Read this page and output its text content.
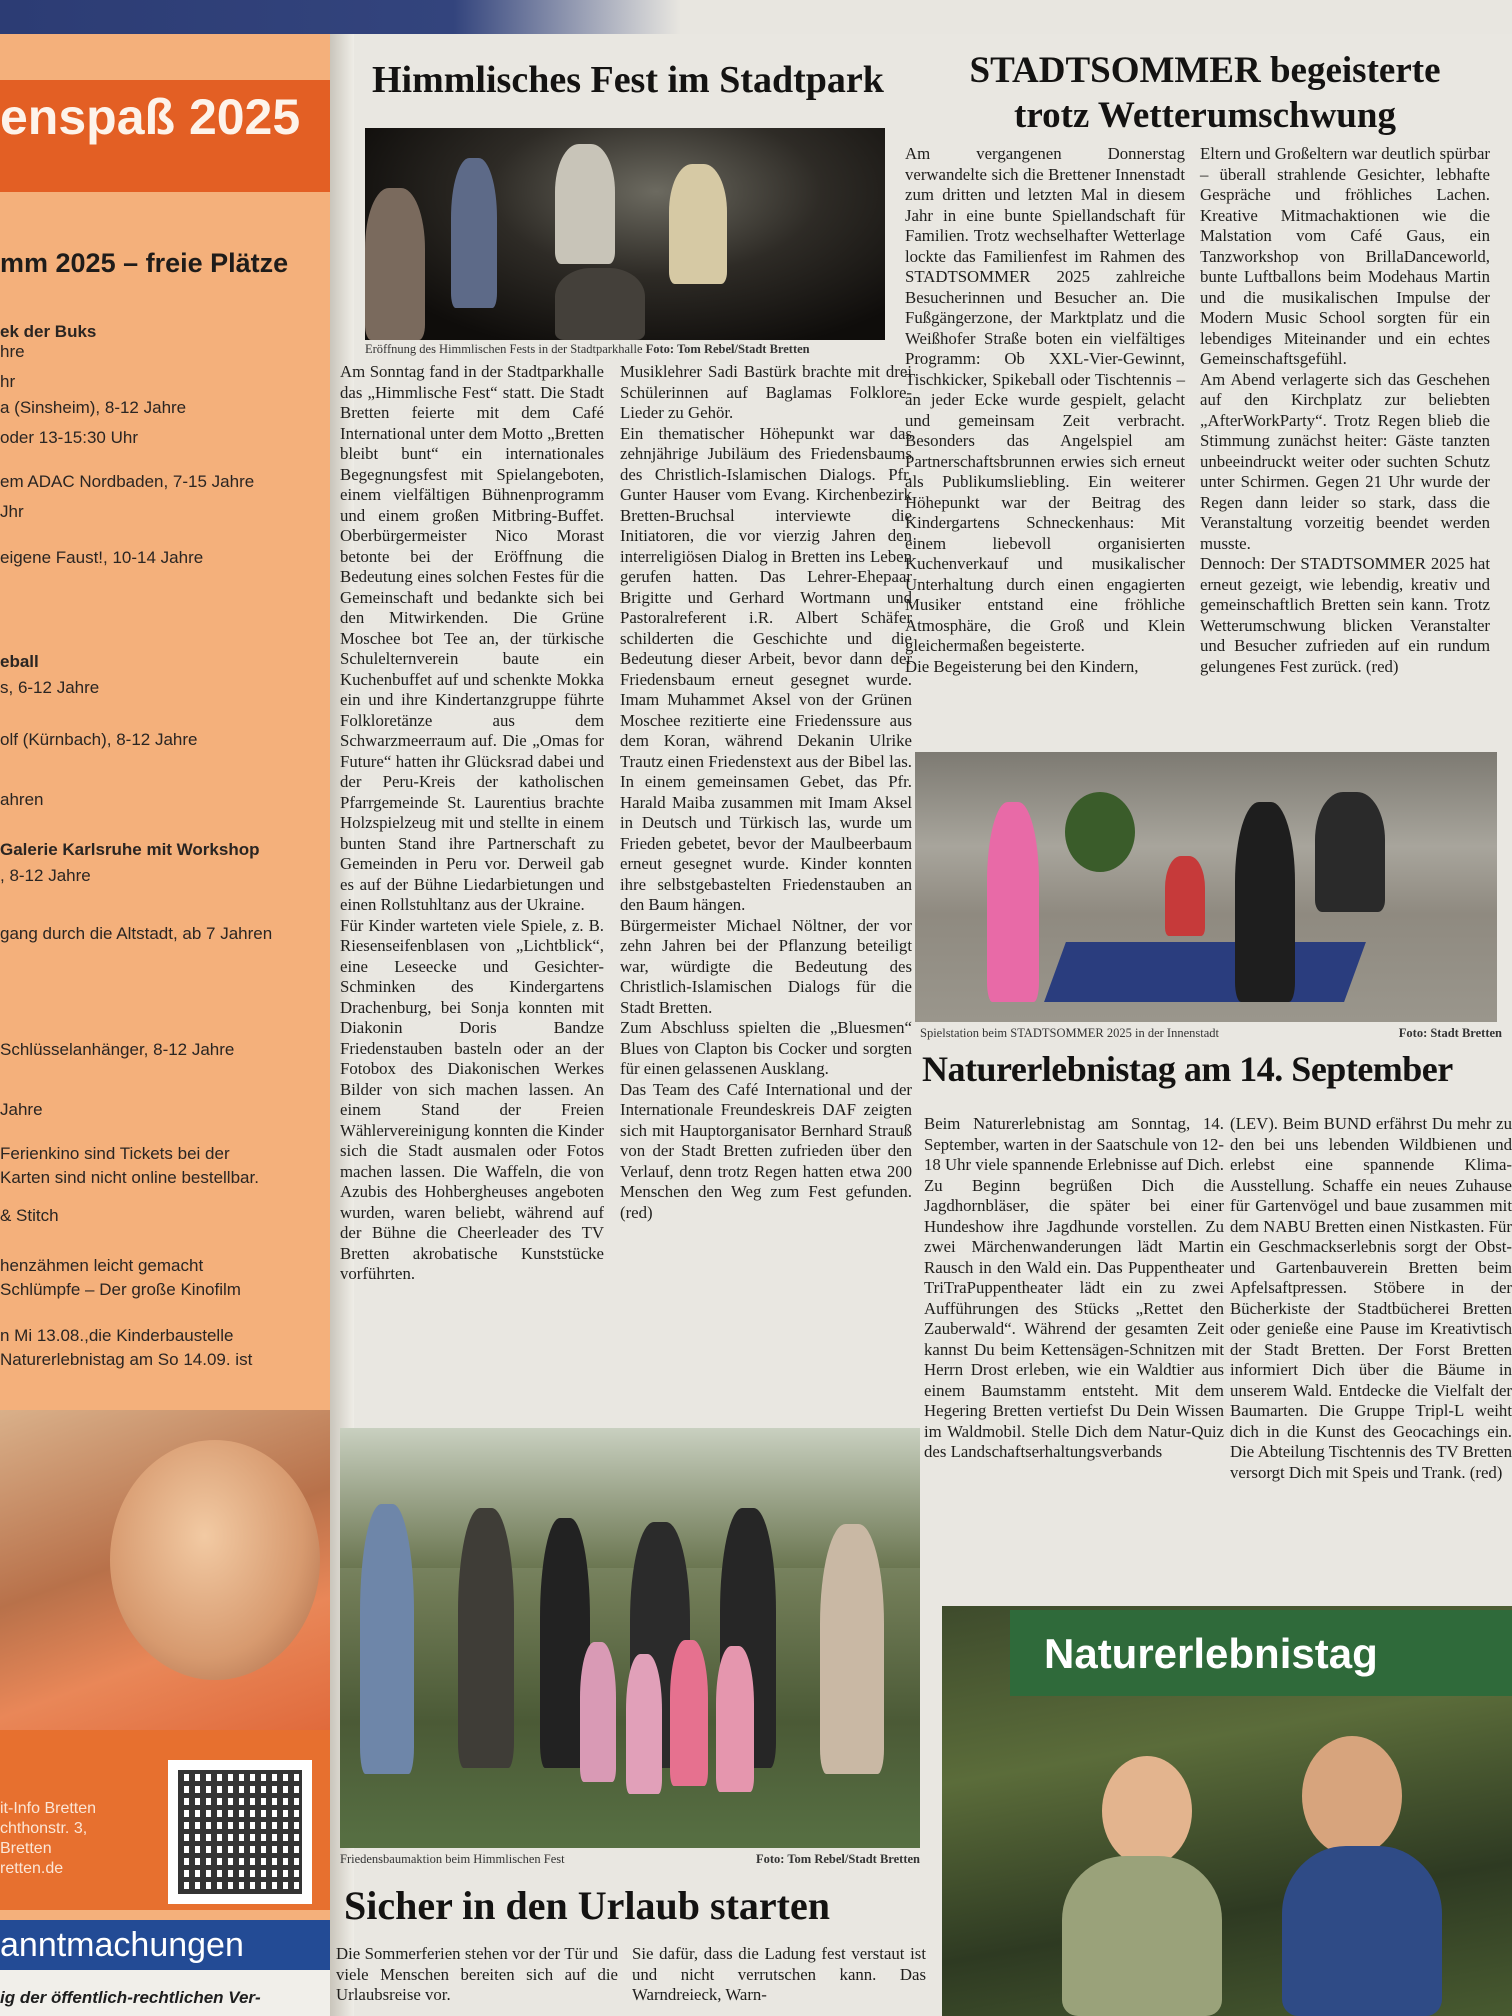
enspaß 2025
mm 2025 – freie Plätze
ek der Buks
hre
hr
a (Sinsheim), 8-12 Jahre
oder 13-15:30 Uhr
em ADAC Nordbaden, 7-15 Jahre
Jhr
eigene Faust!, 10-14 Jahre
eball
s, 6-12 Jahre
olf (Kürnbach), 8-12 Jahre
ahren
Galerie Karlsruhe mit Workshop
, 8-12 Jahre
gang durch die Altstadt, ab 7 Jahren
Schlüsselanhänger, 8-12 Jahre
Jahre
Ferienkino sind Tickets bei der
Karten sind nicht online bestellbar.
& Stitch
henzähmen leicht gemacht
Schlümpfe – Der große Kinofilm
n Mi 13.08.,die Kinderbaustelle
Naturerlebnistag am So 14.09. ist
it-Info Bretten
chthonstr. 3,
Bretten
retten.de
anntmachungen
ig der öffentlich-rechtlichen Ver-
Himmlisches Fest im Stadtpark
Eröffnung des Himmlischen Fests in der Stadtparkhalle Foto: Tom Rebel/Stadt Bretten

Am Sonntag fand in der Stadtparkhalle das „Himmlische Fest“ statt. Die Stadt Bretten feierte mit dem Café International unter dem Motto „Bretten bleibt bunt“ ein internationales Begegnungsfest mit Spielangeboten, einem vielfältigen Bühnenprogramm und einem großen Mitbring-Buffet. Oberbürgermeister Nico Morast betonte bei der Eröffnung die Bedeutung eines solchen Festes für die Gemeinschaft und bedankte sich bei den Mitwirkenden. Die Grüne Moschee bot Tee an, der türkische Schulelternverein baute ein Kuchenbuffet auf und schenkte Mokka ein und ihre Kindertanzgruppe führte Folkloretänze aus dem Schwarzmeerraum auf. Die „Omas for Future“ hatten ihr Glücksrad dabei und der Peru-Kreis der katholischen Pfarrgemeinde St. Laurentius brachte Holzspielzeug mit und stellte in einem bunten Stand ihre Partnerschaft zu Gemeinden in Peru vor. Derweil gab es auf der Bühne Liedarbietungen und einen Rollstuhltanz aus der Ukraine.
Für Kinder warteten viele Spiele, z. B. Riesenseifenblasen von „Lichtblick“, eine Leseecke und Gesichter-Schminken des Kindergartens Drachenburg, bei Sonja konnten mit Diakonin Doris Bandze Friedenstauben basteln oder an der Fotobox des Diakonischen Werkes Bilder von sich machen lassen. An einem Stand der Freien Wählervereinigung konnten die Kinder sich die Stadt ausmalen oder Fotos machen lassen. Die Waffeln, die von Azubis des Hohbergheuses angeboten wurden, waren beliebt, während auf der Bühne die Cheerleader des TV Bretten akrobatische Kunststücke vorführten.

Musiklehrer Sadi Bastürk brachte mit drei Schülerinnen auf Baglamas Folklore-Lieder zu Gehör.
Ein thematischer Höhepunkt war das zehnjährige Jubiläum des Friedensbaums des Christlich-Islamischen Dialogs. Pfr. Gunter Hauser vom Evang. Kirchenbezirk Bretten-Bruchsal interviewte die Initiatoren, die vor vierzig Jahren den interreligiösen Dialog in Bretten ins Leben gerufen hatten. Das Lehrer-Ehepaar Brigitte und Gerhard Wortmann und Pastoralreferent i.R. Albert Schäfer schilderten die Geschichte und die Bedeutung dieser Arbeit, bevor dann der Friedensbaum erneut gesegnet wurde. Imam Muhammet Aksel von der Grünen Moschee rezitierte eine Friedenssure aus dem Koran, während Dekanin Ulrike Trautz einen Friedenstext aus der Bibel las. In einem gemeinsamen Gebet, das Pfr. Harald Maiba zusammen mit Imam Aksel in Deutsch und Türkisch las, wurde um Frieden gebetet, bevor der Maulbeerbaum erneut gesegnet wurde. Kinder konnten ihre selbstgebastelten Friedenstauben an den Baum hängen.
Bürgermeister Michael Nöltner, der vor zehn Jahren bei der Pflanzung beteiligt war, würdigte die Bedeutung des Christlich-Islamischen Dialogs für die Stadt Bretten.
Zum Abschluss spielten die „Bluesmen“ Blues von Clapton bis Cocker und sorgten für einen gelassenen Ausklang.
Das Team des Café International und der Internationale Freundeskreis DAF zeigten sich mit Hauptorganisator Bernhard Strauß von der Stadt Bretten zufrieden über den Verlauf, denn trotz Regen hatten etwa 200 Menschen den Weg zum Fest gefunden. (red)

Friedensbaumaktion beim Himmlischen Fest	Foto: Tom Rebel/Stadt Bretten
STADTSOMMER begeisterte
trotz Wetterumschwung

Am vergangenen Donnerstag verwandelte sich die Brettener Innenstadt zum dritten und letzten Mal in diesem Jahr in eine bunte Spiellandschaft für Familien. Trotz wechselhafter Wetterlage lockte das Familienfest im Rahmen des STADTSOMMER 2025 zahlreiche Besucherinnen und Besucher an. Die Fußgängerzone, der Marktplatz und die Weißhofer Straße boten ein vielfältiges Programm: Ob XXL-Vier-Gewinnt, Tischkicker, Spikeball oder Tischtennis – an jeder Ecke wurde gespielt, gelacht und gemeinsam Zeit verbracht. Besonders das Angelspiel am Partnerschaftsbrunnen erwies sich erneut als Publikumsliebling. Ein weiterer Höhepunkt war der Beitrag des Kindergartens Schneckenhaus: Mit einem liebevoll organisierten Kuchenverkauf und musikalischer Unterhaltung durch einen engagierten Musiker entstand eine fröhliche Atmosphäre, die Groß und Klein gleichermaßen begeisterte.
Die Begeisterung bei den Kindern,

Eltern und Großeltern war deutlich spürbar – überall strahlende Gesichter, lebhafte Gespräche und fröhliches Lachen. Kreative Mitmachaktionen wie die Malstation vom Café Gaus, ein Tanzworkshop von BrillaDanceworld, bunte Luftballons beim Modehaus Martin und die musikalischen Impulse der Modern Music School sorgten für ein lebendiges Miteinander und ein echtes Gemeinschaftsgefühl.
Am Abend verlagerte sich das Geschehen auf den Kirchplatz zur beliebten „AfterWorkParty“. Trotz Regen blieb die Stimmung zunächst heiter: Gäste tanzten unbeeindruckt weiter oder suchten Schutz unter Schirmen. Gegen 21 Uhr wurde der Regen dann leider so stark, dass die Veranstaltung vorzeitig beendet werden musste.
Dennoch: Der STADTSOMMER 2025 hat erneut gezeigt, wie lebendig, kreativ und gemeinschaftlich Bretten sein kann. Trotz Wetterumschwung blicken Veranstalter und Besucher zufrieden auf ein rundum gelungenes Fest zurück. (red)

Spielstation beim STADTSOMMER 2025 in der Innenstadt	Foto: Stadt Bretten
Naturerlebnistag am 14. September

Beim Naturerlebnistag am Sonntag, 14. September, warten in der Saatschule von 12-18 Uhr viele spannende Erlebnisse auf Dich. Zu Beginn begrüßen Dich die Jagdhornbläser, die später bei einer Hundeshow ihre Jagdhunde vorstellen. Zu zwei Märchenwanderungen lädt Martin Rausch in den Wald ein. Das Puppentheater TriTraPuppentheater lädt ein zu zwei Aufführungen des Stücks „Rettet den Zauberwald“. Während der gesamten Zeit kannst Du beim Kettensägen-Schnitzen mit Herrn Drost erleben, wie ein Waldtier aus einem Baumstamm entsteht. Mit dem Hegering Bretten vertiefst Du Dein Wissen im Waldmobil. Stelle Dich dem Natur-Quiz des Landschaftserhaltungsverbands

(LEV). Beim BUND erfährst Du mehr zu den bei uns lebenden Wildbienen und erlebst eine spannende Klima-Ausstellung. Schaffe ein neues Zuhause für Gartenvögel und baue zusammen mit dem NABU Bretten einen Nistkasten. Für ein Geschmackserlebnis sorgt der Obst- und Gartenbauverein Bretten beim Apfelsaftpressen. Stöbere in der Bücherkiste der Stadtbücherei Bretten oder genieße eine Pause im Kreativtisch der Stadt Bretten. Der Forst Bretten informiert Dich über die Bäume in unserem Wald. Entdecke die Vielfalt der Baumarten. Die Gruppe Tripl-L weiht dich in die Kunst des Geocachings ein. Die Abteilung Tischtennis des TV Bretten versorgt Dich mit Speis und Trank. (red)

Naturerlebnistag
Sicher in den Urlaub starten

Die Sommerferien stehen vor der Tür und viele Menschen bereiten sich auf die Urlaubsreise vor.

Sie dafür, dass die Ladung fest verstaut ist und nicht verrutschen kann. Das Warndreieck, Warn-
